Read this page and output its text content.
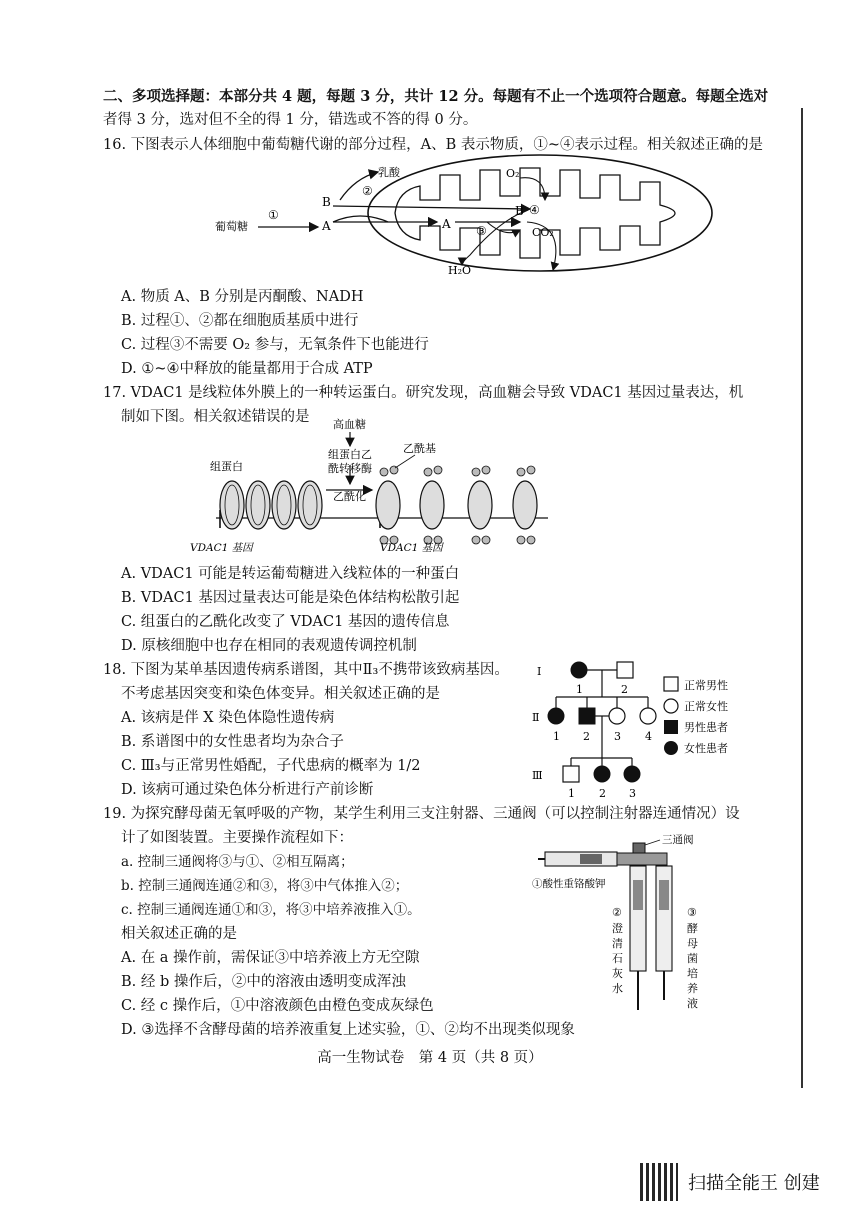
二、多项选择题：本部分共 4 题，每题 3 分，共计 12 分。每题有不止一个选项符合题意。每题全选对
者得 3 分，选对但不全的得 1 分，错选或不答的得 0 分。
16. 下图表示人体细胞中葡萄糖代谢的部分过程，A、B 表示物质，①~④表示过程。相关叙述正确的是
葡萄糖
①
B
A
②
乳酸	O₂
B
A ③
④
CO₂
H₂O
A. 物质 A、B 分别是丙酮酸、NADH
B. 过程①、②都在细胞质基质中进行
C. 过程③不需要 O₂ 参与，无氧条件下也能进行
D. ①~④中释放的能量都用于合成 ATP
17. VDAC1 是线粒体外膜上的一种转运蛋白。研究发现，高血糖会导致 VDAC1 基因过量表达，机
制如下图。相关叙述错误的是 高血糖
组蛋白乙
酰转移酶
乙酰基
组蛋白
乙酰化
VDAC1 基因	VDAC1 基因
A. VDAC1 可能是转运葡萄糖进入线粒体的一种蛋白
B. VDAC1 基因过量表达可能是染色体结构松散引起
C. 组蛋白的乙酰化改变了 VDAC1 基因的遗传信息
D. 原核细胞中也存在相同的表观遗传调控机制
18. 下图为某单基因遗传病系谱图，其中Ⅱ₃不携带该致病基因。
不考虑基因突变和染色体变异。相关叙述正确的是
A. 该病是伴 X 染色体隐性遗传病
B. 系谱图中的女性患者均为杂合子
C. Ⅲ₃与正常男性婚配，子代患病的概率为 1/2
D. 该病可通过染色体分析进行产前诊断
Ⅰ
Ⅱ
Ⅲ
1	2
1 2 3 4
1 2 3
正常男性
正常女性
男性患者
女性患者
19. 为探究酵母菌无氧呼吸的产物，某学生利用三支注射器、三通阀（可以控制注射器连通情况）设
计了如图装置。主要操作流程如下：
a. 控制三通阀将③与①、②相互隔离；
b. 控制三通阀连通②和③，将③中气体推入②；
c. 控制三通阀连通①和③，将③中培养液推入①。
相关叙述正确的是
A. 在 a 操作前，需保证③中培养液上方无空隙
B. 经 b 操作后，②中的溶液由透明变成浑浊
C. 经 c 操作后，①中溶液颜色由橙色变成灰绿色
D. ③选择不含酵母菌的培养液重复上述实验，①、②均不出现类似现象
三通阀
①酸性重铬酸钾
②
澄
清
石
灰
水
③
酵
母
菌
培
养
液
高一生物试卷　第 4 页（共 8 页）
扫描全能王 创建
